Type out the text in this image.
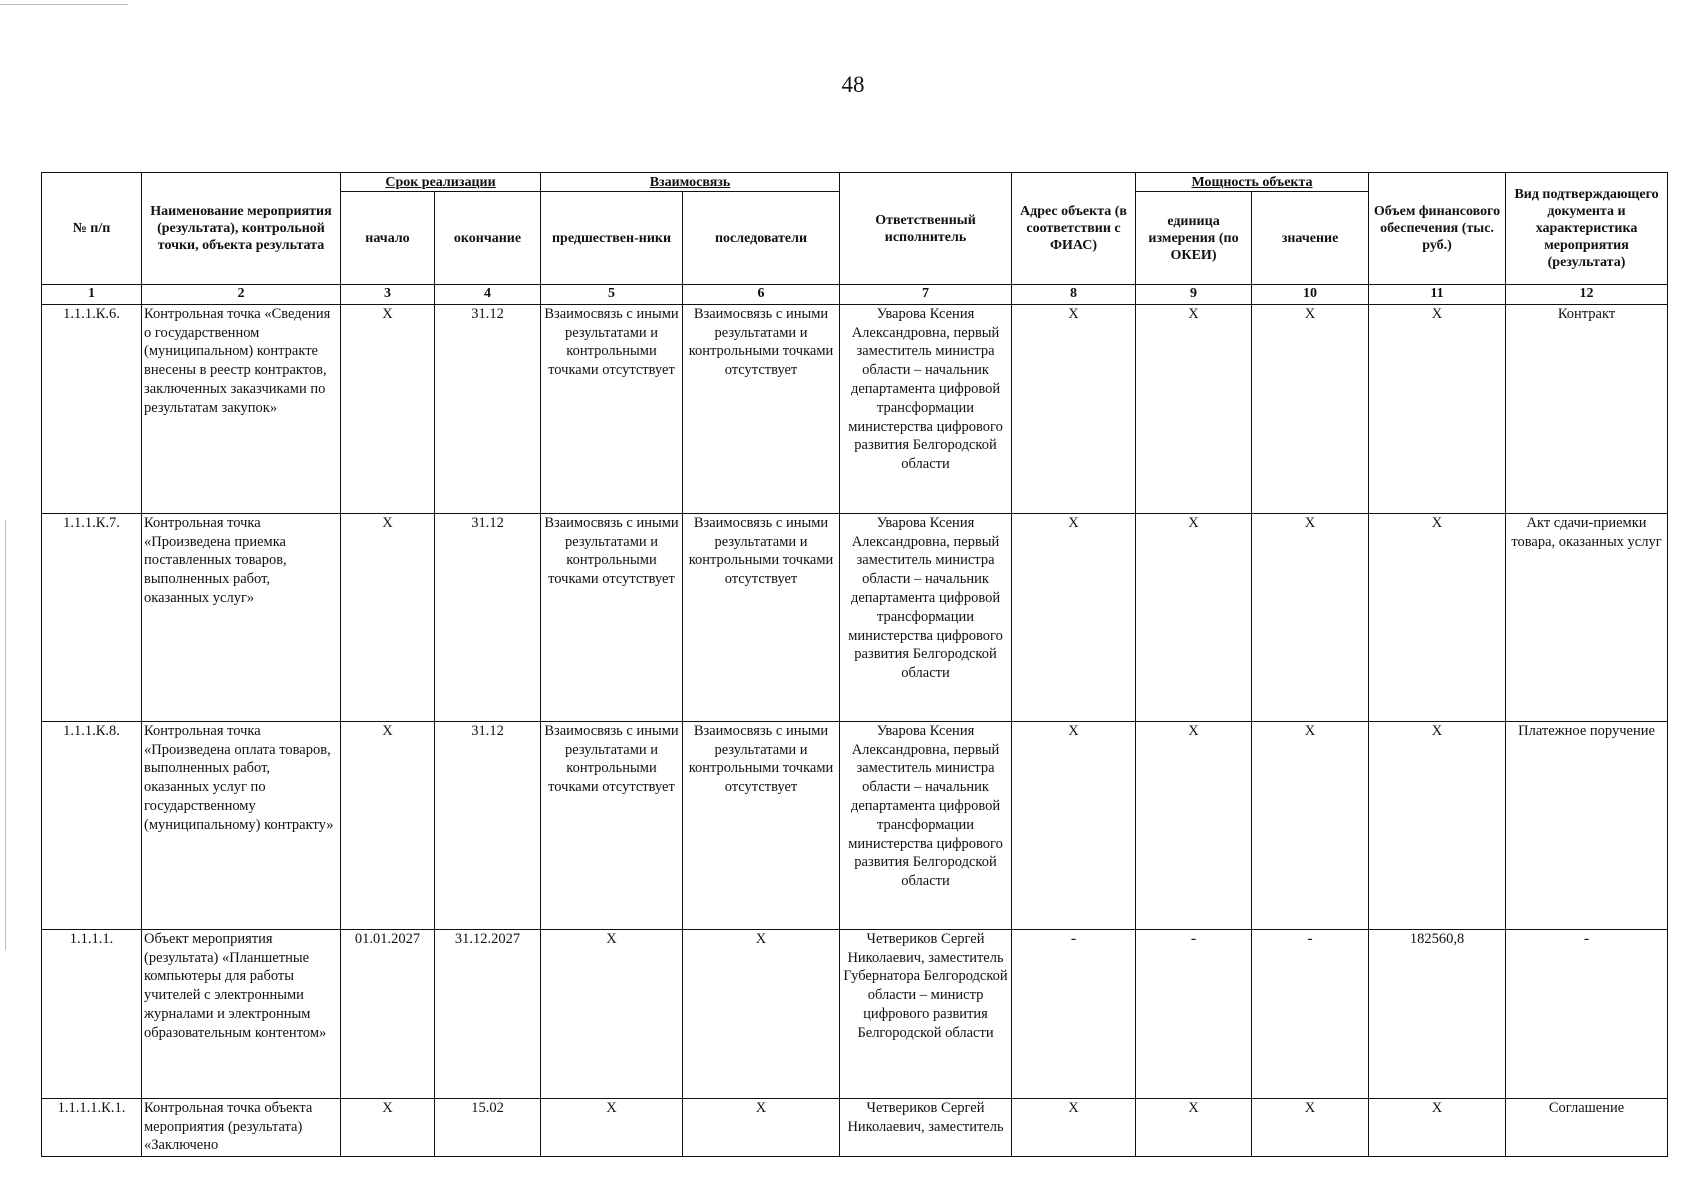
48
№ п/п	Наименование мероприятия (результата), контрольной точки, объекта результата	Срок реализации		Взаимосвязь		Ответственный исполнитель	Адрес объекта (в соответствии с ФИАС)	Мощность объекта		Объем финансового обеспечения (тыс. руб.)	Вид подтверждающего документа и характеристика мероприятия (результата)
		начало	окончание	предшествен-ники	последователи			единица измерения (по ОКЕИ)	значение		
1	2	3	4	5	6	7	8	9	10	11	12
1.1.1.К.6.	Контрольная точка «Сведения о государственном (муниципальном) контракте внесены в реестр контрактов, заключенных заказчиками по результатам закупок»	X	31.12	Взаимосвязь с иными результатами и контрольными точками отсутствует	Взаимосвязь с иными результатами и контрольными точками отсутствует	Уварова Ксения Александровна, первый заместитель министра области – начальник департамента цифровой трансформации министерства цифрового развития Белгородской области	X	X	X	X	Контракт
1.1.1.К.7.	Контрольная точка «Произведена приемка поставленных товаров, выполненных работ, оказанных услуг»	X	31.12	Взаимосвязь с иными результатами и контрольными точками отсутствует	Взаимосвязь с иными результатами и контрольными точками отсутствует	Уварова Ксения Александровна, первый заместитель министра области – начальник департамента цифровой трансформации министерства цифрового развития Белгородской области	X	X	X	X	Акт сдачи-приемки товара, оказанных услуг
1.1.1.К.8.	Контрольная точка «Произведена оплата товаров, выполненных работ, оказанных услуг по государственному (муниципальному) контракту»	X	31.12	Взаимосвязь с иными результатами и контрольными точками отсутствует	Взаимосвязь с иными результатами и контрольными точками отсутствует	Уварова Ксения Александровна, первый заместитель министра области – начальник департамента цифровой трансформации министерства цифрового развития Белгородской области	X	X	X	X	Платежное поручение
1.1.1.1.	Объект мероприятия (результата) «Планшетные компьютеры для работы учителей с электронными журналами и электронным образовательным контентом»	01.01.2027	31.12.2027	X	X	Четвериков Сергей Николаевич, заместитель Губернатора Белгородской области – министр цифрового развития Белгородской области	-	-	-	182560,8	-
1.1.1.1.К.1.	Контрольная точка объекта мероприятия (результата) «Заключено	X	15.02	X	X	Четвериков Сергей Николаевич, заместитель	X	X	X	X	Соглашение
